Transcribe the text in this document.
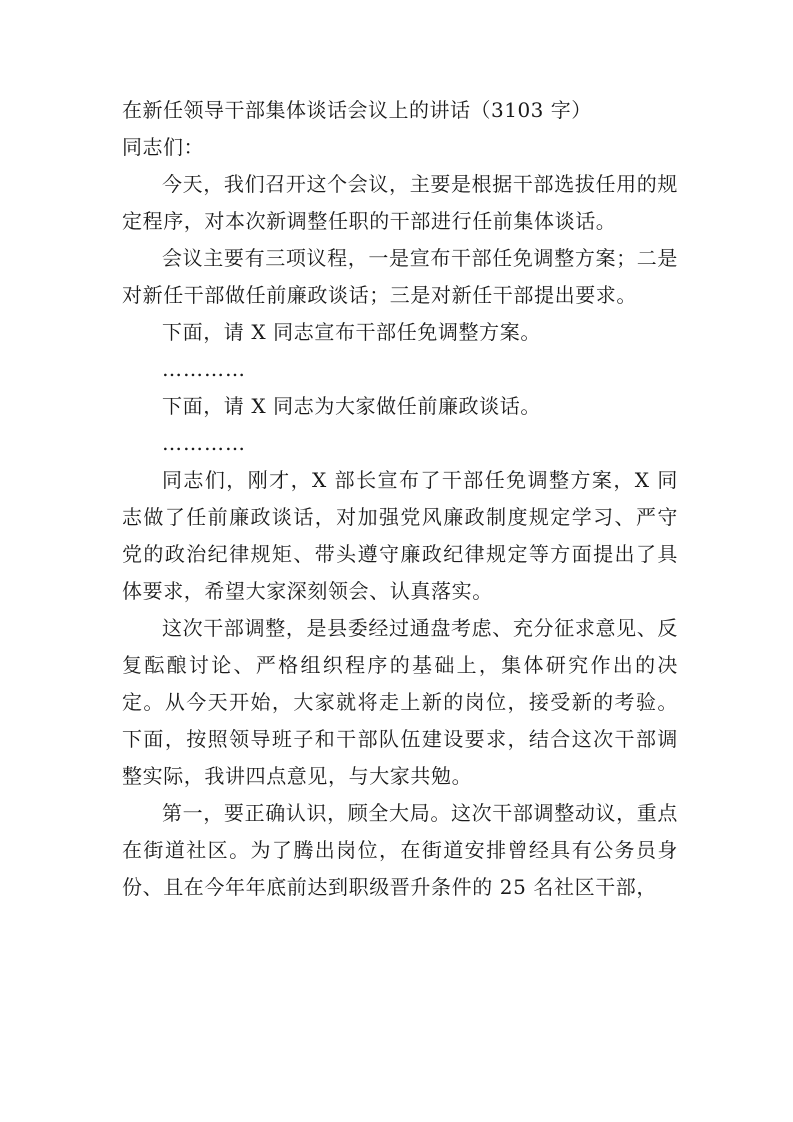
在新任领导干部集体谈话会议上的讲话（3103 字）

同志们：

今天，我们召开这个会议，主要是根据干部选拔任用的规定程序，对本次新调整任职的干部进行任前集体谈话。

会议主要有三项议程，一是宣布干部任免调整方案；二是对新任干部做任前廉政谈话；三是对新任干部提出要求。

下面，请 X 同志宣布干部任免调整方案。

…………

下面，请 X 同志为大家做任前廉政谈话。

…………

同志们，刚才，X 部长宣布了干部任免调整方案，X 同志做了任前廉政谈话，对加强党风廉政制度规定学习、严守党的政治纪律规矩、带头遵守廉政纪律规定等方面提出了具体要求，希望大家深刻领会、认真落实。

这次干部调整，是县委经过通盘考虑、充分征求意见、反复酝酿讨论、严格组织程序的基础上，集体研究作出的决定。从今天开始，大家就将走上新的岗位，接受新的考验。下面，按照领导班子和干部队伍建设要求，结合这次干部调整实际，我讲四点意见，与大家共勉。

第一，要正确认识，顾全大局。这次干部调整动议，重点在街道社区。为了腾出岗位，在街道安排曾经具有公务员身份、且在今年年底前达到职级晋升条件的 25 名社区干部，
